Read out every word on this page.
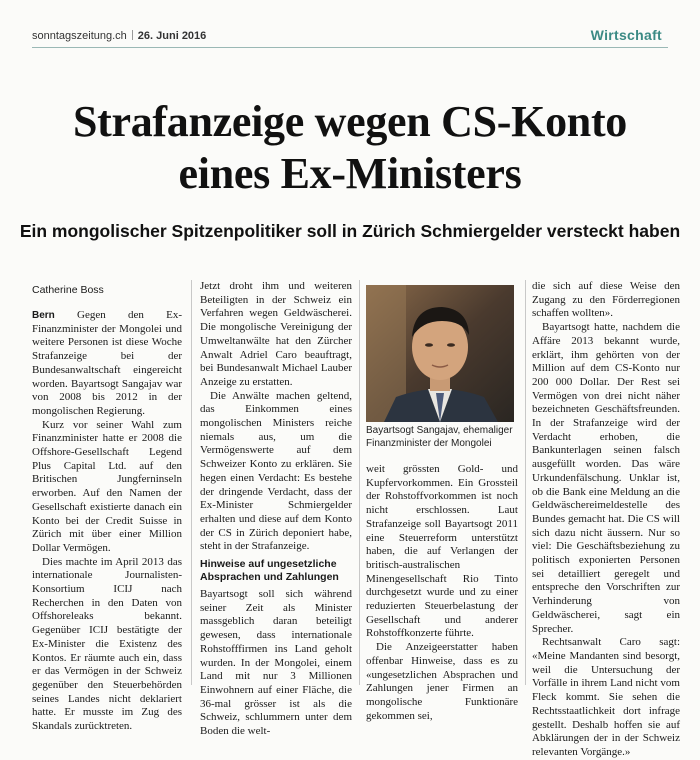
sonntagszeitung.ch 26. Juni 2016	Wirtschaft
Strafanzeige wegen CS-Konto
eines Ex-Ministers
Ein mongolischer Spitzenpolitiker soll in Zürich Schmiergelder versteckt haben

Catherine Boss

Bern Gegen den Ex-Finanzminister der Mongolei und weitere Personen ist diese Woche Strafanzeige bei der Bundesanwaltschaft eingereicht worden. Bayartsogt Sangajav war von 2008 bis 2012 in der mongolischen Regierung.

Kurz vor seiner Wahl zum Finanzminister hatte er 2008 die Offshore-Gesellschaft Legend Plus Capital Ltd. auf den Britischen Jungferninseln erworben. Auf den Namen der Gesellschaft existierte danach ein Konto bei der Credit Suisse in Zürich mit über einer Million Dollar Vermögen.

Dies machte im April 2013 das internationale Journalisten-Konsortium ICIJ nach Recherchen in den Daten von Offshoreleaks bekannt. Gegenüber ICIJ bestätigte der Ex-Minister die Existenz des Kontos. Er räumte auch ein, dass er das Vermögen in der Schweiz gegenüber den Steuerbehörden seines Landes nicht deklariert hatte. Er musste im Zug des Skandals zurücktreten.

Jetzt droht ihm und weiteren Beteiligten in der Schweiz ein Verfahren wegen Geldwäscherei. Die mongolische Vereinigung der Umweltanwälte hat den Zürcher Anwalt Adriel Caro beauftragt, bei Bundesanwalt Michael Lauber Anzeige zu erstatten.

Die Anwälte machen geltend, das Einkommen eines mongolischen Ministers reiche niemals aus, um die Vermögenswerte auf dem Schweizer Konto zu erklären. Sie hegen einen Verdacht: Es bestehe der dringende Verdacht, dass der Ex-Minister Schmiergelder erhalten und diese auf dem Konto der CS in Zürich deponiert habe, steht in der Strafanzeige.

Hinweise auf ungesetzliche Absprachen und Zahlungen

Bayartsogt soll sich während seiner Zeit als Minister massgeblich daran beteiligt gewesen, dass internationale Rohstofffirmen ins Land geholt wurden. In der Mongolei, einem Land mit nur 3 Millionen Einwohnern auf einer Fläche, die 36-mal grösser ist als die Schweiz, schlummern unter dem Boden die welt-

Bayartsogt Sangajav, ehemaliger Finanzminister der Mongolei

weit grössten Gold- und Kupfervorkommen. Ein Grossteil der Rohstoffvorkommen ist noch nicht erschlossen. Laut Strafanzeige soll Bayartsogt 2011 eine Steuerreform unterstützt haben, die auf Verlangen der britisch-australischen Minengesellschaft Rio Tinto durchgesetzt wurde und zu einer reduzierten Steuerbelastung der Gesellschaft und anderer Rohstoffkonzerte führte.

Die Anzeigeerstatter haben offenbar Hinweise, dass es zu «ungesetzlichen Absprachen und Zahlungen jener Firmen an mongolische Funktionäre gekommen sei,

die sich auf diese Weise den Zugang zu den Förderregionen schaffen wollten».

Bayartsogt hatte, nachdem die Affäre 2013 bekannt wurde, erklärt, ihm gehörten von der Million auf dem CS-Konto nur 200 000 Dollar. Der Rest sei Vermögen von drei nicht näher bezeichneten Geschäftsfreunden. In der Strafanzeige wird der Verdacht erhoben, die Bankunterlagen seinen falsch ausgefüllt worden. Das wäre Urkundenfälschung. Unklar ist, ob die Bank eine Meldung an die Geldwäschereimeldestelle des Bundes gemacht hat. Die CS will sich dazu nicht äussern. Nur so viel: Die Geschäftsbeziehung zu politisch exponierten Personen sei detailliert geregelt und entspreche den Vorschriften zur Verhinderung von Geldwäscherei, sagt ein Sprecher.

Rechtsanwalt Caro sagt: «Meine Mandanten sind besorgt, weil die Untersuchung der Vorfälle in ihrem Land nicht vom Fleck kommt. Sie sehen die Rechtsstaatlichkeit dort infrage gestellt. Deshalb hoffen sie auf Abklärungen der in der Schweiz relevanten Vorgänge.»
